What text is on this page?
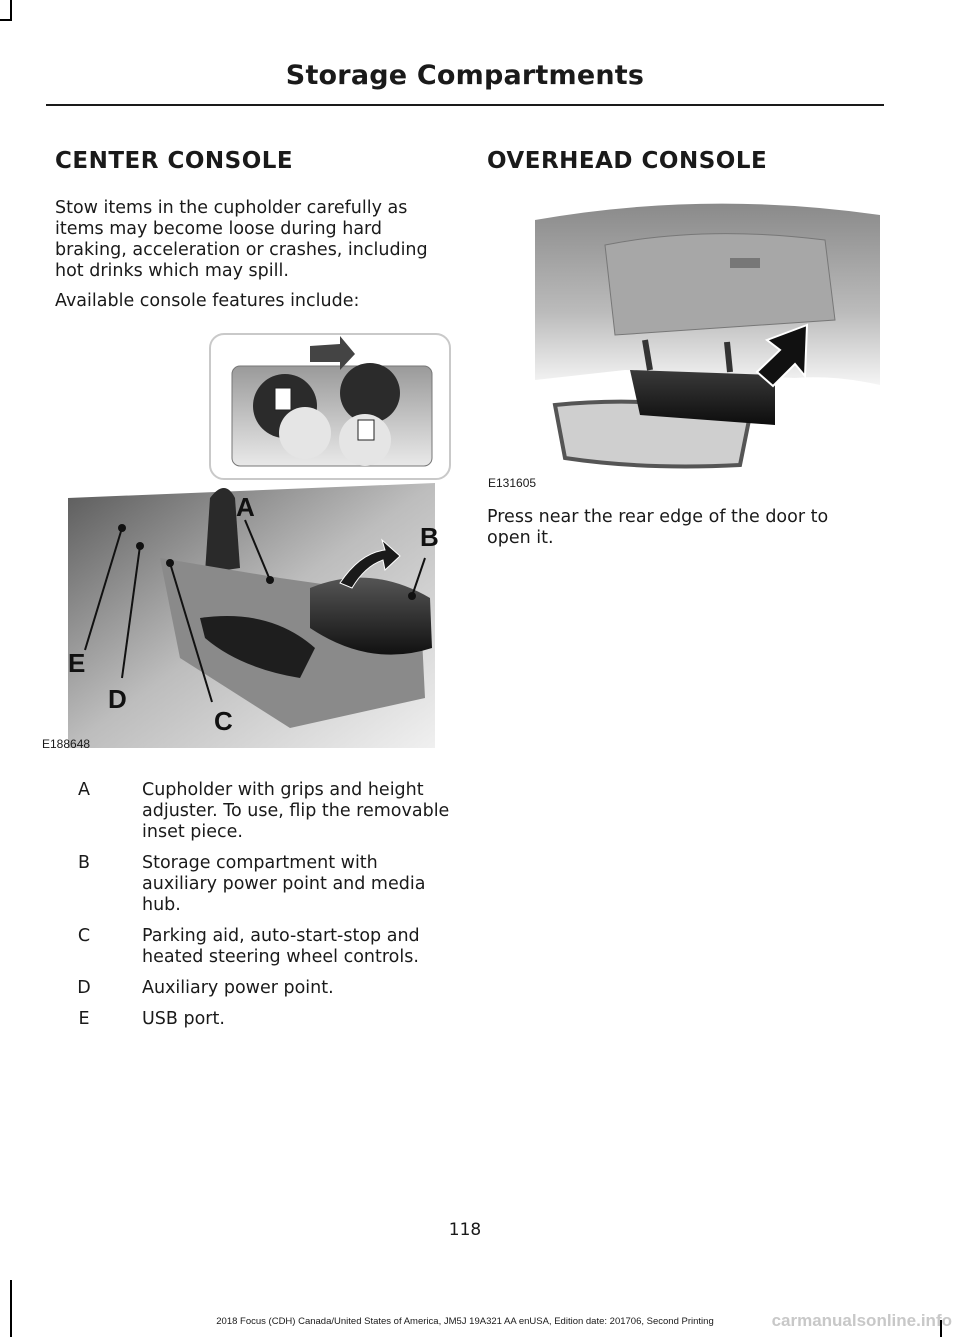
Storage Compartments
CENTER CONSOLE

Stow items in the cupholder carefully as items may become loose during hard braking, acceleration or crashes, including hot drinks which may spill.

Available console features include:

A
B
C
D
E
E188648
A	Cupholder with grips and height adjuster. To use, flip the removable inset piece.
B	Storage compartment with auxiliary power point and media hub.
C	Parking aid, auto-start-stop and heated steering wheel controls.
D	Auxiliary power point.
E	USB port.
OVERHEAD CONSOLE
E131605

Press near the rear edge of the door to open it.

118
2018 Focus (CDH) Canada/United States of America, JM5J 19A321 AA enUSA, Edition date: 201706, Second Printing	carmanualsonline.info
